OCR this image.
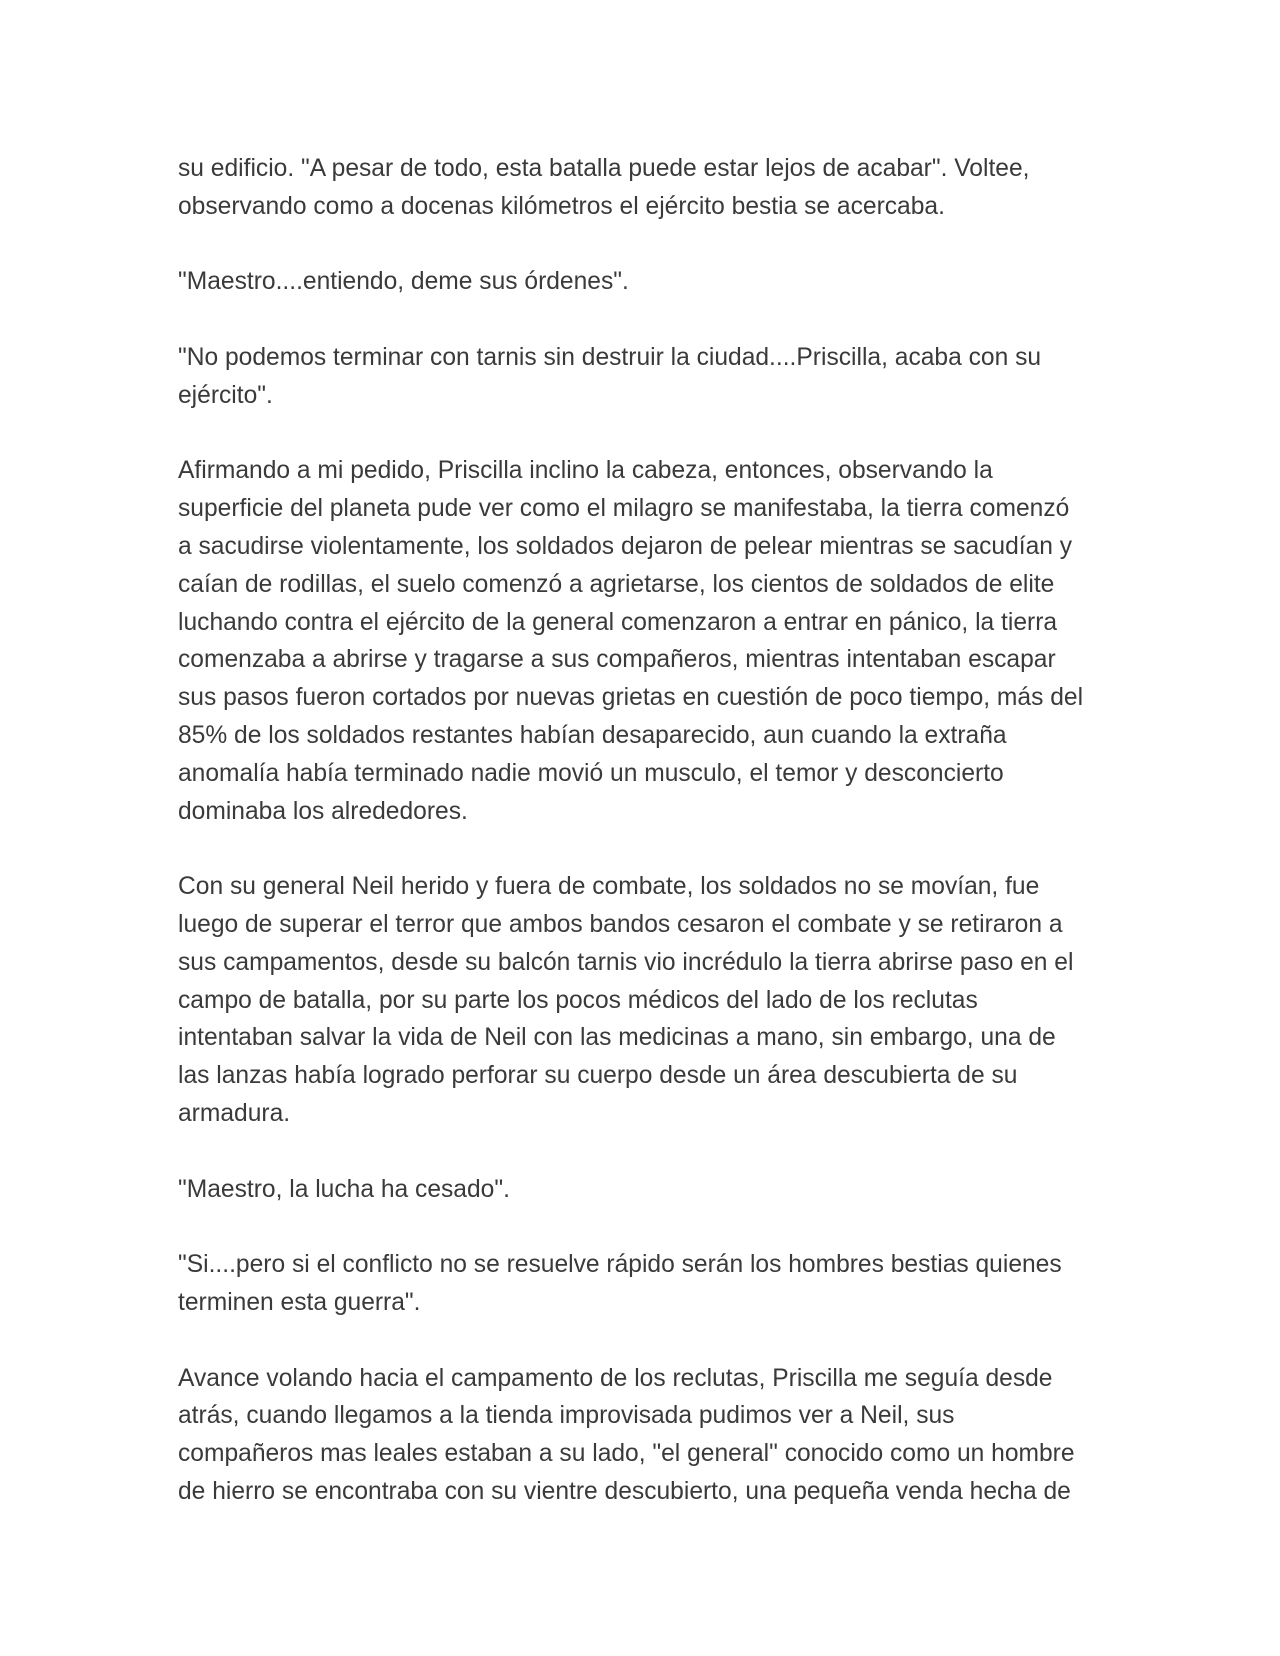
su edificio. "A pesar de todo, esta batalla puede estar lejos de acabar". Voltee,
observando como a docenas kilómetros el ejército bestia se acercaba.

"Maestro....entiendo, deme sus órdenes".

"No podemos terminar con tarnis sin destruir la ciudad....Priscilla, acaba con su
ejército".

Afirmando a mi pedido, Priscilla inclino la cabeza, entonces, observando la
superficie del planeta pude ver como el milagro se manifestaba, la tierra comenzó
a sacudirse violentamente, los soldados dejaron de pelear mientras se sacudían y
caían de rodillas, el suelo comenzó a agrietarse, los cientos de soldados de elite
luchando contra el ejército de la general comenzaron a entrar en pánico, la tierra
comenzaba a abrirse y tragarse a sus compañeros, mientras intentaban escapar
sus pasos fueron cortados por nuevas grietas en cuestión de poco tiempo, más del
85% de los soldados restantes habían desaparecido, aun cuando la extraña
anomalía había terminado nadie movió un musculo, el temor y desconcierto
dominaba los alrededores.

Con su general Neil herido y fuera de combate, los soldados no se movían, fue
luego de superar el terror que ambos bandos cesaron el combate y se retiraron a
sus campamentos, desde su balcón tarnis vio incrédulo la tierra abrirse paso en el
campo de batalla, por su parte los pocos médicos del lado de los reclutas
intentaban salvar la vida de Neil con las medicinas a mano, sin embargo, una de
las lanzas había logrado perforar su cuerpo desde un área descubierta de su
armadura.

"Maestro, la lucha ha cesado".

"Si....pero si el conflicto no se resuelve rápido serán los hombres bestias quienes
terminen esta guerra".

Avance volando hacia el campamento de los reclutas, Priscilla me seguía desde
atrás, cuando llegamos a la tienda improvisada pudimos ver a Neil, sus
compañeros mas leales estaban a su lado, "el general" conocido como un hombre
de hierro se encontraba con su vientre descubierto, una pequeña venda hecha de
